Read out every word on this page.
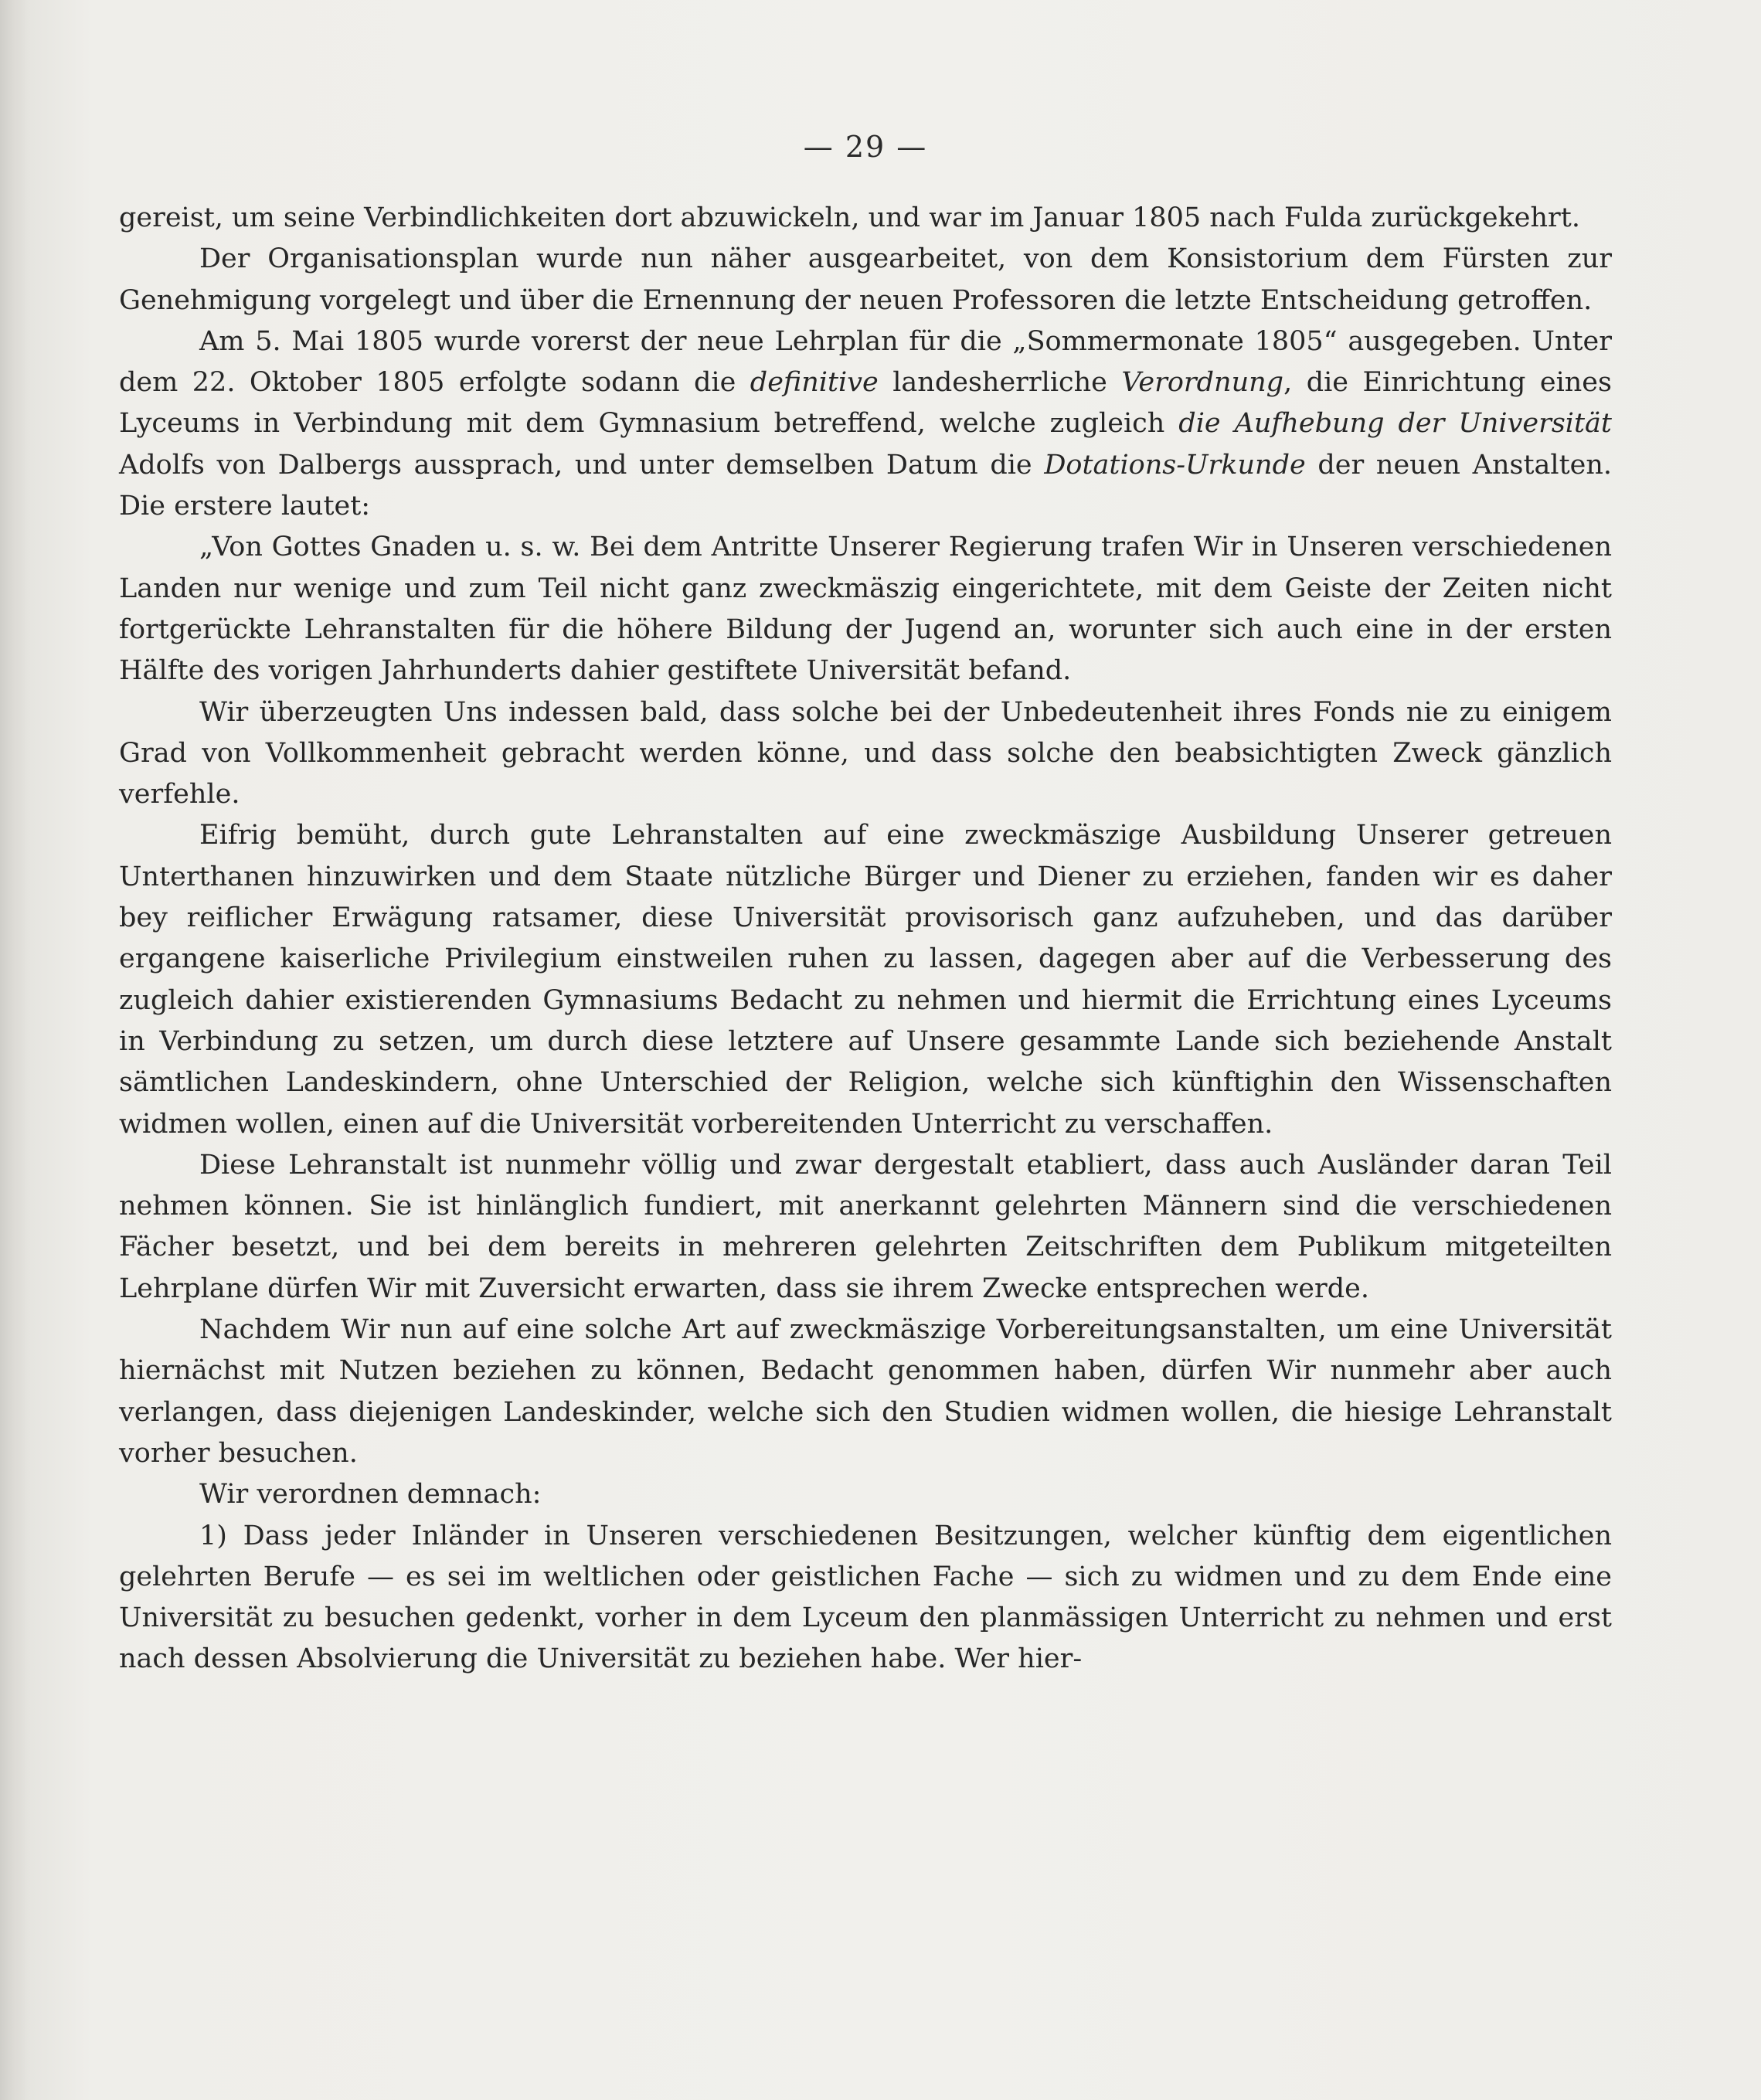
— 29 —

gereist, um seine Verbindlichkeiten dort abzuwickeln, und war im Januar 1805 nach Fulda zurückgekehrt.

Der Organisationsplan wurde nun näher ausgearbeitet, von dem Konsistorium dem Fürsten zur Genehmigung vorgelegt und über die Ernennung der neuen Professoren die letzte Entscheidung getroffen.

Am 5. Mai 1805 wurde vorerst der neue Lehrplan für die „Sommermonate 1805“ ausgegeben. Unter dem 22. Oktober 1805 erfolgte sodann die definitive landesherrliche Verordnung, die Einrichtung eines Lyceums in Verbindung mit dem Gymnasium betreffend, welche zugleich die Aufhebung der Universität Adolfs von Dalbergs aussprach, und unter demselben Datum die Dotations-Urkunde der neuen Anstalten. Die erstere lautet:

„Von Gottes Gnaden u. s. w. Bei dem Antritte Unserer Regierung trafen Wir in Unseren verschiedenen Landen nur wenige und zum Teil nicht ganz zweckmäszig eingerichtete, mit dem Geiste der Zeiten nicht fortgerückte Lehranstalten für die höhere Bildung der Jugend an, worunter sich auch eine in der ersten Hälfte des vorigen Jahrhunderts dahier gestiftete Universität befand.

Wir überzeugten Uns indessen bald, dass solche bei der Unbedeutenheit ihres Fonds nie zu einigem Grad von Vollkommenheit gebracht werden könne, und dass solche den beabsichtigten Zweck gänzlich verfehle.

Eifrig bemüht, durch gute Lehranstalten auf eine zweckmäszige Ausbildung Unserer getreuen Unterthanen hinzuwirken und dem Staate nützliche Bürger und Diener zu erziehen, fanden wir es daher bey reiflicher Erwägung ratsamer, diese Universität provisorisch ganz aufzuheben, und das darüber ergangene kaiserliche Privilegium einstweilen ruhen zu lassen, dagegen aber auf die Verbesserung des zugleich dahier existierenden Gymnasiums Bedacht zu nehmen und hiermit die Errichtung eines Lyceums in Verbindung zu setzen, um durch diese letztere auf Unsere gesammte Lande sich beziehende Anstalt sämtlichen Landeskindern, ohne Unterschied der Religion, welche sich künftighin den Wissenschaften widmen wollen, einen auf die Universität vorbereitenden Unterricht zu verschaffen.

Diese Lehranstalt ist nunmehr völlig und zwar dergestalt etabliert, dass auch Ausländer daran Teil nehmen können. Sie ist hinlänglich fundiert, mit anerkannt gelehrten Männern sind die verschiedenen Fächer besetzt, und bei dem bereits in mehreren gelehrten Zeitschriften dem Publikum mitgeteilten Lehrplane dürfen Wir mit Zuversicht erwarten, dass sie ihrem Zwecke entsprechen werde.

Nachdem Wir nun auf eine solche Art auf zweckmäszige Vorbereitungsanstalten, um eine Universität hiernächst mit Nutzen beziehen zu können, Bedacht genommen haben, dürfen Wir nunmehr aber auch verlangen, dass diejenigen Landeskinder, welche sich den Studien widmen wollen, die hiesige Lehranstalt vorher besuchen.

Wir verordnen demnach:

1) Dass jeder Inländer in Unseren verschiedenen Besitzungen, welcher künftig dem eigentlichen gelehrten Berufe — es sei im weltlichen oder geistlichen Fache — sich zu widmen und zu dem Ende eine Universität zu besuchen gedenkt, vorher in dem Lyceum den planmässigen Unterricht zu nehmen und erst nach dessen Absolvierung die Universität zu beziehen habe. Wer hier-
